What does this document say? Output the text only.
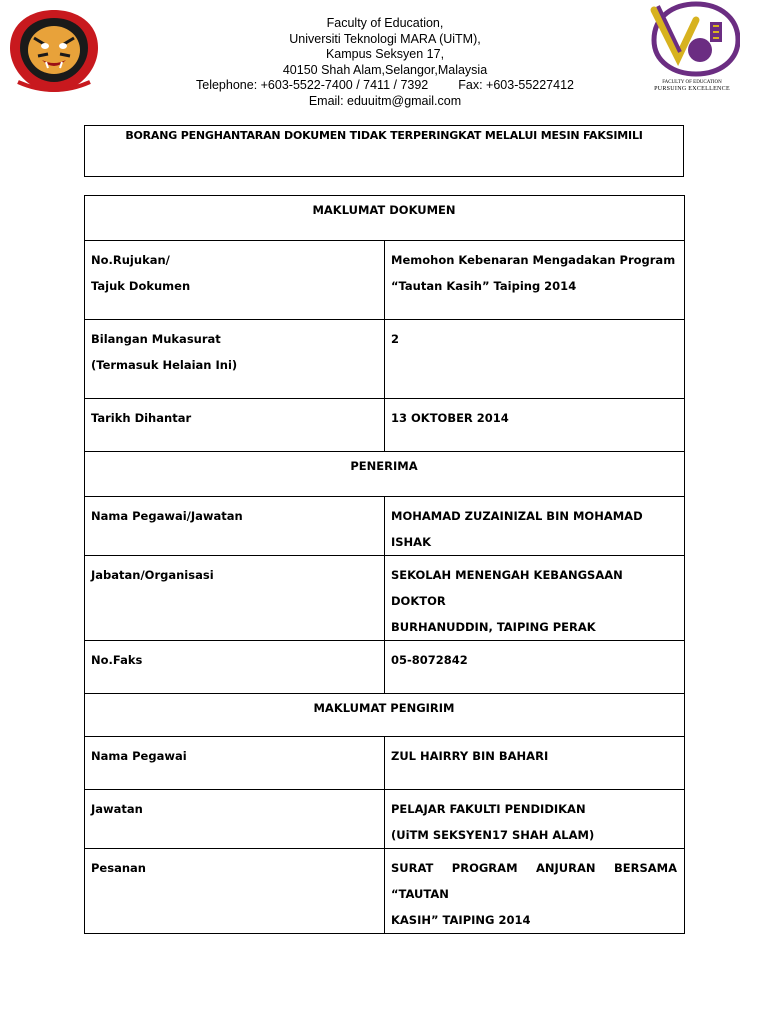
Faculty of Education,
Universiti Teknologi MARA (UiTM),
Kampus Seksyen 17,
40150 Shah Alam,Selangor,Malaysia
Telephone: +603-5522-7400 / 7411 / 7392 Fax: +603-55227412
Email: eduuitm@gmail.com
FACULTY OF EDUCATION
PURSUING EXCELLENCE
BORANG PENGHANTARAN DOKUMEN TIDAK TERPERINGKAT MELALUI MESIN FAKSIMILI
MAKLUMAT DOKUMEN	

No.Rujukan/
Tajuk Dokumen	Memohon Kebenaran Mengadakan Program
“Tautan Kasih” Taiping 2014

Bilangan Mukasurat
(Termasuk Helaian Ini)	2
Tarikh Dihantar	13 OKTOBER 2014
PENERIMA	
Nama Pegawai/Jawatan	MOHAMAD ZUZAINIZAL BIN MOHAMAD ISHAK
Jabatan/Organisasi	SEKOLAH MENENGAH KEBANGSAAN DOKTOR
BURHANUDDIN, TAIPING PERAK

No.Faks	05-8072842
MAKLUMAT PENGIRIM	
Nama Pegawai	ZUL HAIRRY BIN BAHARI
Jawatan	PELAJAR FAKULTI PENDIDIKAN
(UiTM SEKSYEN17 SHAH ALAM)

Pesanan	SURAT PROGRAM ANJURAN BERSAMA “TAUTAN
KASIH” TAIPING 2014
